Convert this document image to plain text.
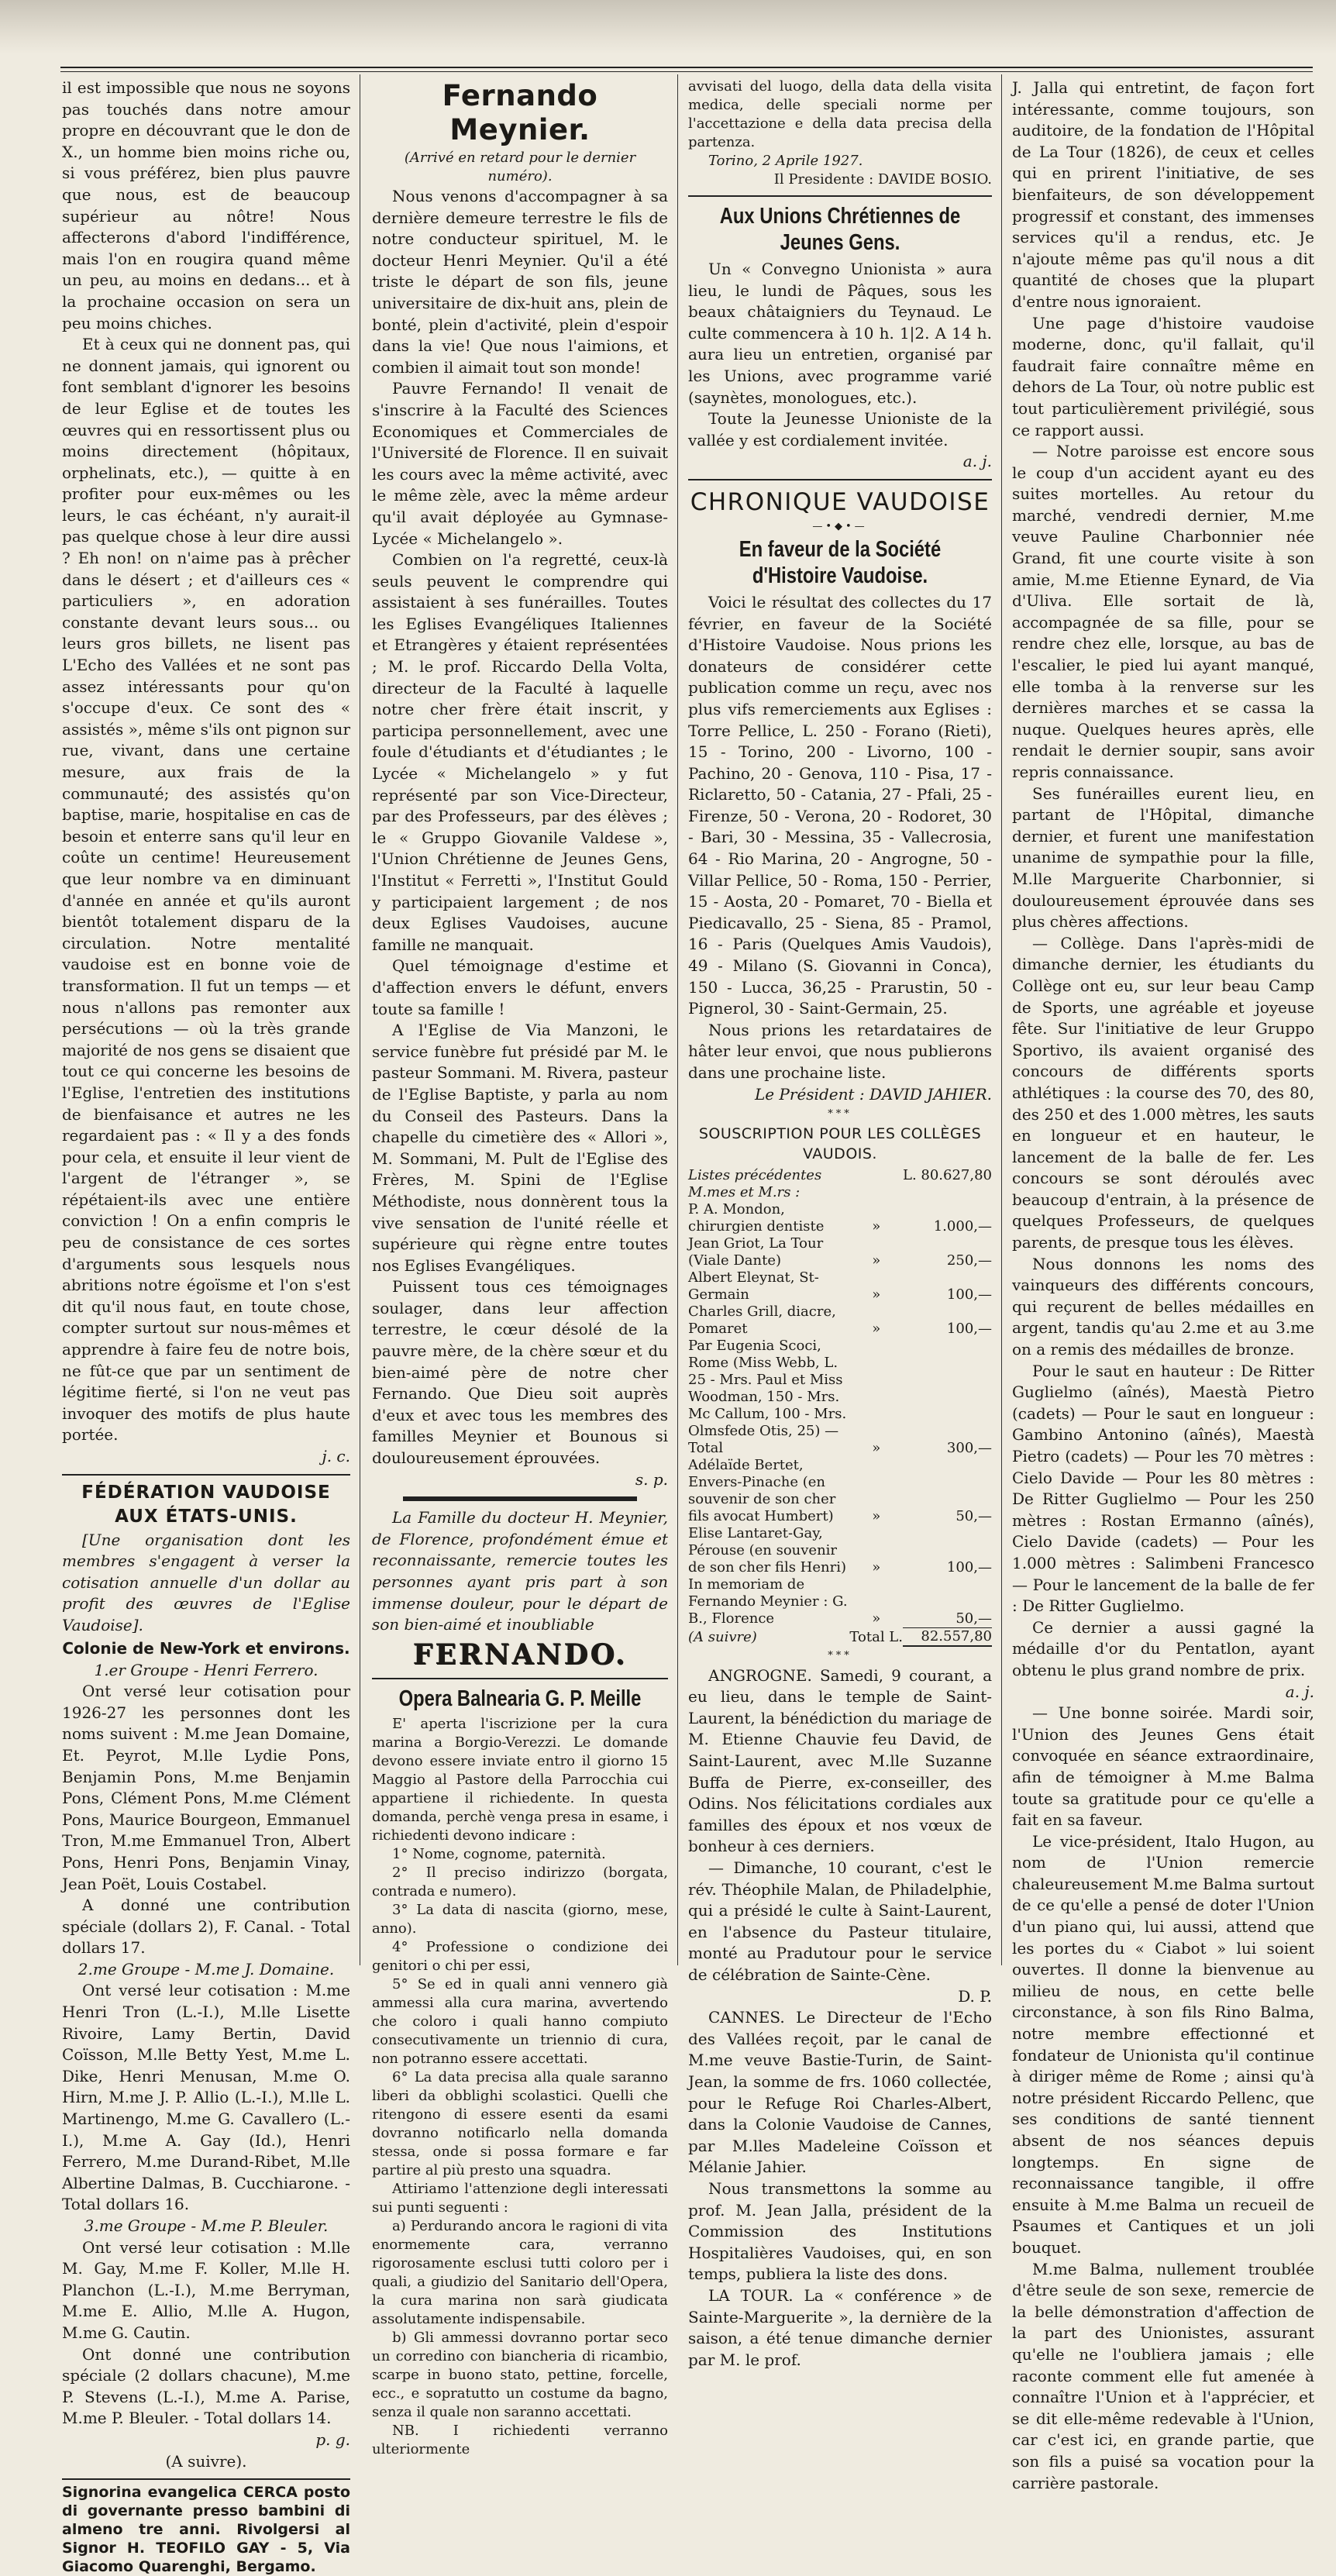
il est impossible que nous ne soyons pas touchés dans notre amour propre en découvrant que le don de X., un homme bien moins riche ou, si vous préférez, bien plus pauvre que nous, est de beaucoup supérieur au nôtre! Nous affecterons d'abord l'indifférence, mais l'on en rougira quand même un peu, au moins en dedans... et à la prochaine occasion on sera un peu moins chiches.

Et à ceux qui ne donnent pas, qui ne donnent jamais, qui ignorent ou font semblant d'ignorer les besoins de leur Eglise et de toutes les œuvres qui en ressortissent plus ou moins directement (hôpitaux, orphelinats, etc.), — quitte à en profiter pour eux-mêmes ou les leurs, le cas échéant, n'y aurait-il pas quelque chose à leur dire aussi ? Eh non! on n'aime pas à prêcher dans le désert ; et d'ailleurs ces « particuliers », en adoration constante devant leurs sous... ou leurs gros billets, ne lisent pas L'Echo des Vallées et ne sont pas assez intéressants pour qu'on s'occupe d'eux. Ce sont des « assistés », même s'ils ont pignon sur rue, vivant, dans une certaine mesure, aux frais de la communauté; des assistés qu'on baptise, marie, hospitalise en cas de besoin et enterre sans qu'il leur en coûte un centime! Heureusement que leur nombre va en diminuant d'année en année et qu'ils auront bientôt totalement disparu de la circulation. Notre mentalité vaudoise est en bonne voie de transformation. Il fut un temps — et nous n'allons pas remonter aux persécutions — où la très grande majorité de nos gens se disaient que tout ce qui concerne les besoins de l'Eglise, l'entretien des institutions de bienfaisance et autres ne les regardaient pas : « Il y a des fonds pour cela, et ensuite il leur vient de l'argent de l'étranger », se répétaient-ils avec une entière conviction ! On a enfin compris le peu de consistance de ces sortes d'arguments sous lesquels nous abritions notre égoïsme et l'on s'est dit qu'il nous faut, en toute chose, compter surtout sur nous-mêmes et apprendre à faire feu de notre bois, ne fût-ce que par un sentiment de légitime fierté, si l'on ne veut pas invoquer des motifs de plus haute portée.

j. c.

FÉDÉRATION VAUDOISE
AUX ÉTATS-UNIS.

[Une organisation dont les membres s'engagent à verser la cotisation annuelle d'un dollar au profit des œuvres de l'Eglise Vaudoise].

Colonie de New-York et environs.

1.er Groupe - Henri Ferrero.

Ont versé leur cotisation pour 1926-27 les personnes dont les noms suivent : M.me Jean Domaine, Et. Peyrot, M.lle Lydie Pons, Benjamin Pons, M.me Benjamin Pons, Clément Pons, M.me Clément Pons, Maurice Bourgeon, Emmanuel Tron, M.me Emmanuel Tron, Albert Pons, Henri Pons, Benjamin Vinay, Jean Poët, Louis Costabel.

A donné une contribution spéciale (dollars 2), F. Canal. - Total dollars 17.

2.me Groupe - M.me J. Domaine.

Ont versé leur cotisation : M.me Henri Tron (L.-I.), M.lle Lisette Rivoire, Lamy Bertin, David Coïsson, M.lle Betty Yest, M.me L. Dike, Henri Menusan, M.me O. Hirn, M.me J. P. Allio (L.-I.), M.lle L. Martinengo, M.me G. Cavallero (L.-I.), M.me A. Gay (Id.), Henri Ferrero, M.me Durand-Ribet, M.lle Albertine Dalmas, B. Cucchiarone. - Total dollars 16.

3.me Groupe - M.me P. Bleuler.

Ont versé leur cotisation : M.lle M. Gay, M.me F. Koller, M.lle H. Planchon (L.-I.), M.me Berryman, M.me E. Allio, M.lle A. Hugon, M.me G. Cautin.

Ont donné une contribution spéciale (2 dollars chacune), M.me P. Stevens (L.-I.), M.me A. Parise, M.me P. Bleuler. - Total dollars 14.

p. g.

(A suivre).

Signorina evangelica CERCA posto di governante presso bambini di almeno tre anni. Rivolgersi al Signor H. TEOFILO GAY - 5, Via Giacomo Quarenghi, Bergamo.

Fernando Meynier.

(Arrivé en retard pour le dernier numéro).

Nous venons d'accompagner à sa dernière demeure terrestre le fils de notre conducteur spirituel, M. le docteur Henri Meynier. Qu'il a été triste le départ de son fils, jeune universitaire de dix-huit ans, plein de bonté, plein d'activité, plein d'espoir dans la vie! Que nous l'aimions, et combien il aimait tout son monde!

Pauvre Fernando! Il venait de s'inscrire à la Faculté des Sciences Economiques et Commerciales de l'Université de Florence. Il en suivait les cours avec la même activité, avec le même zèle, avec la même ardeur qu'il avait déployée au Gymnase-Lycée « Michelangelo ».

Combien on l'a regretté, ceux-là seuls peuvent le comprendre qui assistaient à ses funérailles. Toutes les Eglises Evangéliques Italiennes et Etrangères y étaient représentées ; M. le prof. Riccardo Della Volta, directeur de la Faculté à laquelle notre cher frère était inscrit, y participa personnellement, avec une foule d'étudiants et d'étudiantes ; le Lycée « Michelangelo » y fut représenté par son Vice-Directeur, par des Professeurs, par des élèves ; le « Gruppo Giovanile Valdese », l'Union Chrétienne de Jeunes Gens, l'Institut « Ferretti », l'Institut Gould y participaient largement ; de nos deux Eglises Vaudoises, aucune famille ne manquait.

Quel témoignage d'estime et d'affection envers le défunt, envers toute sa famille !

A l'Eglise de Via Manzoni, le service funèbre fut présidé par M. le pasteur Sommani. M. Rivera, pasteur de l'Eglise Baptiste, y parla au nom du Conseil des Pasteurs. Dans la chapelle du cimetière des « Allori », M. Sommani, M. Pult de l'Eglise des Frères, M. Spini de l'Eglise Méthodiste, nous donnèrent tous la vive sensation de l'unité réelle et supérieure qui règne entre toutes nos Eglises Evangéliques.

Puissent tous ces témoignages soulager, dans leur affection terrestre, le cœur désolé de la pauvre mère, de la chère sœur et du bien-aimé père de notre cher Fernando. Que Dieu soit auprès d'eux et avec tous les membres des familles Meynier et Bounous si douloureusement éprouvées.

s. p.

La Famille du docteur H. Meynier, de Florence, profondément émue et reconnaissante, remercie toutes les personnes ayant pris part à son immense douleur, pour le départ de son bien-aimé et inoubliable

FERNANDO.
Opera Balnearia G. P. Meille

E' aperta l'iscrizione per la cura marina a Borgio-Verezzi. Le domande devono essere inviate entro il giorno 15 Maggio al Pastore della Parrocchia cui appartiene il richiedente. In questa domanda, perchè venga presa in esame, i richiedenti devono indicare :

1° Nome, cognome, paternità.

2° Il preciso indirizzo (borgata, contrada e numero).

3° La data di nascita (giorno, mese, anno).

4° Professione o condizione dei genitori o chi per essi,

5° Se ed in quali anni vennero già ammessi alla cura marina, avvertendo che coloro i quali hanno compiuto consecutivamente un triennio di cura, non potranno essere accettati.

6° La data precisa alla quale saranno liberi da obblighi scolastici. Quelli che ritengono di essere esenti da esami dovranno notificarlo nella domanda stessa, onde si possa formare e far partire al più presto una squadra.

Attiriamo l'attenzione degli interessati sui punti seguenti :

a) Perdurando ancora le ragioni di vita enormemente cara, verranno rigorosamente esclusi tutti coloro per i quali, a giudizio del Sanitario dell'Opera, la cura marina non sarà giudicata assolutamente indispensabile.

b) Gli ammessi dovranno portar seco un corredino con biancheria di ricambio, scarpe in buono stato, pettine, forcelle, ecc., e sopratutto un costume da bagno, senza il quale non saranno accettati.

NB. I richiedenti verranno ulteriormente

avvisati del luogo, della data della visita medica, delle speciali norme per l'accettazione e della data precisa della partenza.

Torino, 2 Aprile 1927.

Il Presidente : DAVIDE BOSIO.

Aux Unions Chrétiennes de Jeunes Gens.

Un « Convegno Unionista » aura lieu, le lundi de Pâques, sous les beaux châtaigniers du Teynaud. Le culte commencera à 10 h. 1|2. A 14 h. aura lieu un entretien, organisé par les Unions, avec programme varié (saynètes, monologues, etc.).

Toute la Jeunesse Unioniste de la vallée y est cordialement invitée.

a. j.

CHRONIQUE VAUDOISE
—•◆•—
En faveur de la Société d'Histoire Vaudoise.

Voici le résultat des collectes du 17 février, en faveur de la Société d'Histoire Vaudoise. Nous prions les donateurs de considérer cette publication comme un reçu, avec nos plus vifs remerciements aux Eglises : Torre Pellice, L. 250 - Forano (Rieti), 15 - Torino, 200 - Livorno, 100 - Pachino, 20 - Genova, 110 - Pisa, 17 - Riclaretto, 50 - Catania, 27 - Pfali, 25 - Firenze, 50 - Verona, 20 - Rodoret, 30 - Bari, 30 - Messina, 35 - Vallecrosia, 64 - Rio Marina, 20 - Angrogne, 50 - Villar Pellice, 50 - Roma, 150 - Perrier, 15 - Aosta, 20 - Pomaret, 70 - Biella et Piedicavallo, 25 - Siena, 85 - Pramol, 16 - Paris (Quelques Amis Vaudois), 49 - Milano (S. Giovanni in Conca), 150 - Lucca, 36,25 - Prarustin, 50 - Pignerol, 30 - Saint-Germain, 25.

Nous prions les retardataires de hâter leur envoi, que nous publierons dans une prochaine liste.

Le Président : DAVID JAHIER.

***
SOUSCRIPTION POUR LES COLLÈGES VAUDOIS.
Listes précédentes		L. 80.627,80
M.mes et M.rs :		
P. A. Mondon, chirurgien dentiste	»	1.000,—
Jean Griot, La Tour (Viale Dante)	»	250,—
Albert Eleynat, St-Germain	»	100,—
Charles Grill, diacre, Pomaret	»	100,—
Par Eugenia Scoci, Rome (Miss Webb, L. 25 - Mrs. Paul et Miss Woodman, 150 - Mrs. Mc Callum, 100 - Mrs. Olmsfede Otis, 25) — Total	»	300,—
Adélaïde Bertet, Envers-Pinache (en souvenir de son cher fils avocat Humbert)	»	50,—
Elise Lantaret-Gay, Pérouse (en souvenir de son cher fils Henri)	»	100,—
In memoriam de Fernando Meynier : G. B., Florence	»	50,—
(A suivre)	Total L.	82.557,80
***

ANGROGNE. Samedi, 9 courant, a eu lieu, dans le temple de Saint-Laurent, la bénédiction du mariage de M. Etienne Chauvie feu David, de Saint-Laurent, avec M.lle Suzanne Buffa de Pierre, ex-conseiller, des Odins. Nos félicitations cordiales aux familles des époux et nos vœux de bonheur à ces derniers.

— Dimanche, 10 courant, c'est le rév. Théophile Malan, de Philadelphie, qui a présidé le culte à Saint-Laurent, en l'absence du Pasteur titulaire, monté au Pradutour pour le service de célébration de Sainte-Cène.

D. P.

CANNES. Le Directeur de l'Echo des Vallées reçoit, par le canal de M.me veuve Bastie-Turin, de Saint-Jean, la somme de frs. 1060 collectée, pour le Refuge Roi Charles-Albert, dans la Colonie Vaudoise de Cannes, par M.lles Madeleine Coïsson et Mélanie Jahier.

Nous transmettons la somme au prof. M. Jean Jalla, président de la Commission des Institutions Hospitalières Vaudoises, qui, en son temps, publiera la liste des dons.

LA TOUR. La « conférence » de Sainte-Marguerite », la dernière de la saison, a été tenue dimanche dernier par M. le prof.

J. Jalla qui entretint, de façon fort intéressante, comme toujours, son auditoire, de la fondation de l'Hôpital de La Tour (1826), de ceux et celles qui en prirent l'initiative, de ses bienfaiteurs, de son développement progressif et constant, des immenses services qu'il a rendus, etc. Je n'ajoute même pas qu'il nous a dit quantité de choses que la plupart d'entre nous ignoraient.

Une page d'histoire vaudoise moderne, donc, qu'il fallait, qu'il faudrait faire connaître même en dehors de La Tour, où notre public est tout particulièrement privilégié, sous ce rapport aussi.

— Notre paroisse est encore sous le coup d'un accident ayant eu des suites mortelles. Au retour du marché, vendredi dernier, M.me veuve Pauline Charbonnier née Grand, fit une courte visite à son amie, M.me Etienne Eynard, de Via d'Uliva. Elle sortait de là, accompagnée de sa fille, pour se rendre chez elle, lorsque, au bas de l'escalier, le pied lui ayant manqué, elle tomba à la renverse sur les dernières marches et se cassa la nuque. Quelques heures après, elle rendait le dernier soupir, sans avoir repris connaissance.

Ses funérailles eurent lieu, en partant de l'Hôpital, dimanche dernier, et furent une manifestation unanime de sympathie pour la fille, M.lle Marguerite Charbonnier, si douloureusement éprouvée dans ses plus chères affections.

— Collège. Dans l'après-midi de dimanche dernier, les étudiants du Collège ont eu, sur leur beau Camp de Sports, une agréable et joyeuse fête. Sur l'initiative de leur Gruppo Sportivo, ils avaient organisé des concours de différents sports athlétiques : la course des 70, des 80, des 250 et des 1.000 mètres, les sauts en longueur et en hauteur, le lancement de la balle de fer. Les concours se sont déroulés avec beaucoup d'entrain, à la présence de quelques Professeurs, de quelques parents, de presque tous les élèves.

Nous donnons les noms des vainqueurs des différents concours, qui reçurent de belles médailles en argent, tandis qu'au 2.me et au 3.me on a remis des médailles de bronze.

Pour le saut en hauteur : De Ritter Guglielmo (aînés), Maestà Pietro (cadets) — Pour le saut en longueur : Gambino Antonino (aînés), Maestà Pietro (cadets) — Pour les 70 mètres : Cielo Davide — Pour les 80 mètres : De Ritter Guglielmo — Pour les 250 mètres : Rostan Ermanno (aînés), Cielo Davide (cadets) — Pour les 1.000 mètres : Salimbeni Francesco — Pour le lancement de la balle de fer : De Ritter Guglielmo.

Ce dernier a aussi gagné la médaille d'or du Pentatlon, ayant obtenu le plus grand nombre de prix.

a. j.

— Une bonne soirée. Mardi soir, l'Union des Jeunes Gens était convoquée en séance extraordinaire, afin de témoigner à M.me Balma toute sa gratitude pour ce qu'elle a fait en sa faveur.

Le vice-président, Italo Hugon, au nom de l'Union remercie chaleureusement M.me Balma surtout de ce qu'elle a pensé de doter l'Union d'un piano qui, lui aussi, attend que les portes du « Ciabot » lui soient ouvertes. Il donne la bienvenue au milieu de nous, en cette belle circonstance, à son fils Rino Balma, notre membre effectionné et fondateur de Unionista qu'il continue à diriger même de Rome ; ainsi qu'à notre président Riccardo Pellenc, que ses conditions de santé tiennent absent de nos séances depuis longtemps. En signe de reconnaissance tangible, il offre ensuite à M.me Balma un recueil de Psaumes et Cantiques et un joli bouquet.

M.me Balma, nullement troublée d'être seule de son sexe, remercie de la belle démonstration d'affection de la part des Unionistes, assurant qu'elle ne l'oubliera jamais ; elle raconte comment elle fut amenée à connaître l'Union et à l'apprécier, et se dit elle-même redevable à l'Union, car c'est ici, en grande partie, que son fils a puisé sa vocation pour la carrière pastorale.
